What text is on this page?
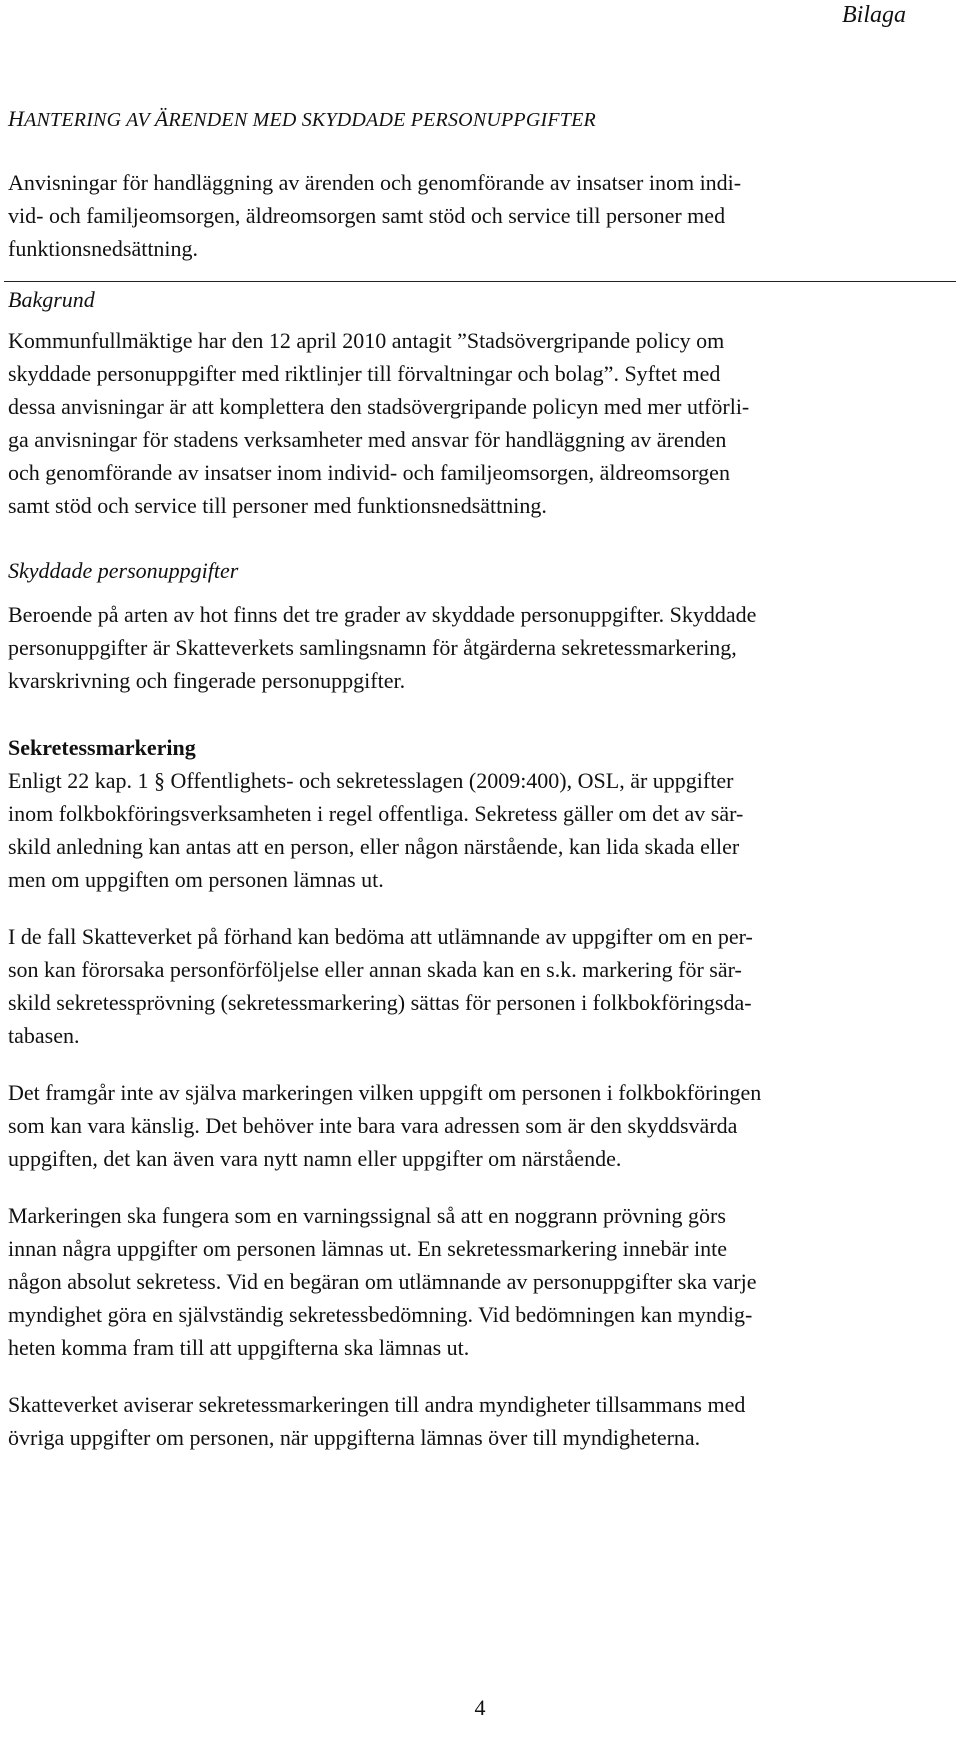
Bilaga
HANTERING AV ÄRENDEN MED SKYDDADE PERSONUPPGIFTER
Anvisningar för handläggning av ärenden och genomförande av insatser inom indi-
vid- och familjeomsorgen, äldreomsorgen samt stöd och service till personer med
funktionsnedsättning.

Bakgrund

Kommunfullmäktige har den 12 april 2010 antagit ”Stadsövergripande policy om
skyddade personuppgifter med riktlinjer till förvaltningar och bolag”. Syftet med
dessa anvisningar är att komplettera den stadsövergripande policyn med mer utförli-
ga anvisningar för stadens verksamheter med ansvar för handläggning av ärenden
och genomförande av insatser inom individ- och familjeomsorgen, äldreomsorgen
samt stöd och service till personer med funktionsnedsättning.

Skyddade personuppgifter

Beroende på arten av hot finns det tre grader av skyddade personuppgifter. Skyddade
personuppgifter är Skatteverkets samlingsnamn för åtgärderna sekretessmarkering,
kvarskrivning och fingerade personuppgifter.

Sekretessmarkering

Enligt 22 kap. 1 § Offentlighets- och sekretesslagen (2009:400), OSL, är uppgifter
inom folkbokföringsverksamheten i regel offentliga. Sekretess gäller om det av sär-
skild anledning kan antas att en person, eller någon närstående, kan lida skada eller
men om uppgiften om personen lämnas ut.

I de fall Skatteverket på förhand kan bedöma att utlämnande av uppgifter om en per-
son kan förorsaka personförföljelse eller annan skada kan en s.k. markering för sär-
skild sekretessprövning (sekretessmarkering) sättas för personen i folkbokföringsda-
tabasen.

Det framgår inte av själva markeringen vilken uppgift om personen i folkbokföringen
som kan vara känslig. Det behöver inte bara vara adressen som är den skyddsvärda
uppgiften, det kan även vara nytt namn eller uppgifter om närstående.

Markeringen ska fungera som en varningssignal så att en noggrann prövning görs
innan några uppgifter om personen lämnas ut. En sekretessmarkering innebär inte
någon absolut sekretess. Vid en begäran om utlämnande av personuppgifter ska varje
myndighet göra en självständig sekretessbedömning. Vid bedömningen kan myndig-
heten komma fram till att uppgifterna ska lämnas ut.

Skatteverket aviserar sekretessmarkeringen till andra myndigheter tillsammans med
övriga uppgifter om personen, när uppgifterna lämnas över till myndigheterna.

4
